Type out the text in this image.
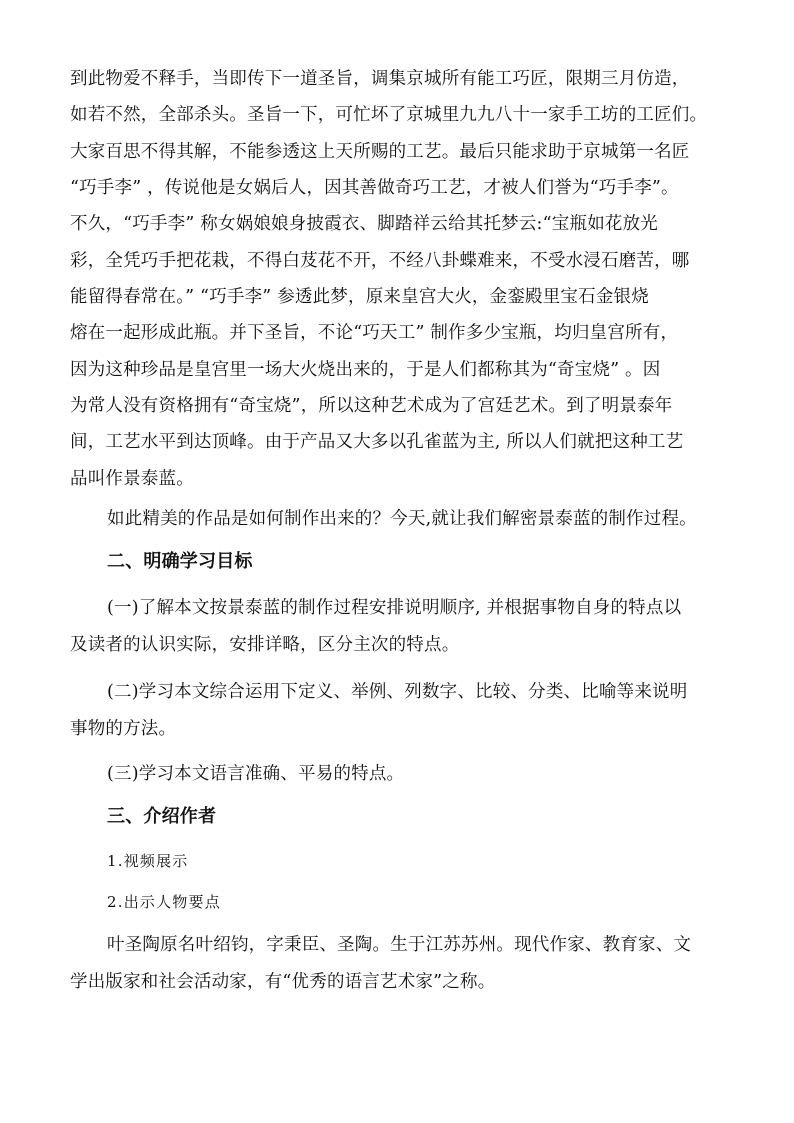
到此物爱不释手，当即传下一道圣旨，调集京城所有能工巧匠，限期三月仿造，
如若不然，全部杀头。圣旨一下，可忙坏了京城里九九八十一家手工坊的工匠们。
大家百思不得其解，不能参透这上天所赐的工艺。最后只能求助于京城第一名匠
“巧手李” ，传说他是女娲后人，因其善做奇巧工艺，才被人们誉为“巧手李”。
不久，“巧手李” 称女娲娘娘身披霞衣、脚踏祥云给其托梦云:“宝瓶如花放光
彩，全凭巧手把花栽，不得白芨花不开，不经八卦蝶难来，不受水浸石磨苦，哪
能留得春常在。” “巧手李” 参透此梦，原来皇宫大火，金銮殿里宝石金银烧
熔在一起形成此瓶。并下圣旨，不论“巧天工” 制作多少宝瓶，均归皇宫所有，
因为这种珍品是皇宫里一场大火烧出来的，于是人们都称其为“奇宝烧” 。因
为常人没有资格拥有“奇宝烧”，所以这种艺术成为了宫廷艺术。到了明景泰年
间，工艺水平到达顶峰。由于产品又大多以孔雀蓝为主, 所以人们就把这种工艺
品叫作景泰蓝。
如此精美的作品是如何制作出来的？今天,就让我们解密景泰蓝的制作过程。
二、明确学习目标
(一)了解本文按景泰蓝的制作过程安排说明顺序, 并根据事物自身的特点以
及读者的认识实际，安排详略，区分主次的特点。
(二)学习本文综合运用下定义、举例、列数字、比较、分类、比喻等来说明
事物的方法。
(三)学习本文语言准确、平易的特点。
三、介绍作者
1.视频展示
2.出示人物要点
叶圣陶原名叶绍钧，字秉臣、圣陶。生于江苏苏州。现代作家、教育家、文
学出版家和社会活动家，有“优秀的语言艺术家”之称。
